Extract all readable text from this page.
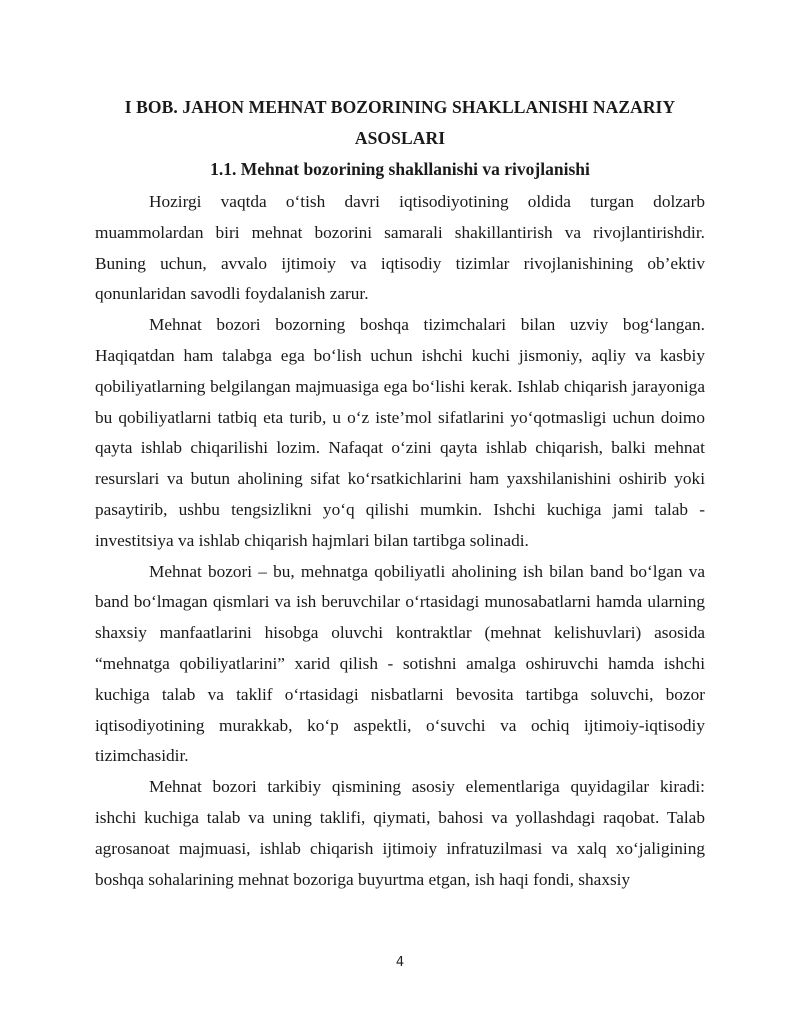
I BOB. JAHON MEHNAT BOZORINING SHAKLLANISHI NAZARIY ASOSLARI
1.1. Mehnat bozorining shakllanishi va rivojlanishi

Hozirgi vaqtda o‘tish davri iqtisodiyotining oldida turgan dolzarb muammolardan biri mehnat bozorini samarali shakillantirish va rivojlantirishdir. Buning uchun, avvalo ijtimoiy va iqtisodiy tizimlar rivojlanishining ob’ektiv qonunlaridan savodli foydalanish zarur.

Mehnat bozori bozorning boshqa tizimchalari bilan uzviy bog‘langan. Haqiqatdan ham talabga ega bo‘lish uchun ishchi kuchi jismoniy, aqliy va kasbiy qobiliyatlarning belgilangan majmuasiga ega bo‘lishi kerak. Ishlab chiqarish jarayoniga bu qobiliyatlarni tatbiq eta turib, u o‘z iste’mol sifatlarini yo‘qotmasligi uchun doimo qayta ishlab chiqarilishi lozim. Nafaqat o‘zini qayta ishlab chiqarish, balki mehnat resurslari va butun aholining sifat ko‘rsatkichlarini ham yaxshilanishini oshirib yoki pasaytirib, ushbu tengsizlikni yo‘q qilishi mumkin. Ishchi kuchiga jami talab - investitsiya va ishlab chiqarish hajmlari bilan tartibga solinadi.

Mehnat bozori – bu, mehnatga qobiliyatli aholining ish bilan band bo‘lgan va band bo‘lmagan qismlari va ish beruvchilar o‘rtasidagi munosabatlarni hamda ularning shaxsiy manfaatlarini hisobga oluvchi kontraktlar (mehnat kelishuvlari) asosida “mehnatga qobiliyatlarini” xarid qilish - sotishni amalga oshiruvchi hamda ishchi kuchiga talab va taklif o‘rtasidagi nisbatlarni bevosita tartibga soluvchi, bozor iqtisodiyotining murakkab, ko‘p aspektli, o‘suvchi va ochiq ijtimoiy-iqtisodiy tizimchasidir.

Mehnat bozori tarkibiy qismining asosiy elementlariga quyidagilar kiradi: ishchi kuchiga talab va uning taklifi, qiymati, bahosi va yollashdagi raqobat. Talab agrosanoat majmuasi, ishlab chiqarish ijtimoiy infratuzilmasi va xalq xo‘jaligining boshqa sohalarining mehnat bozoriga buyurtma etgan, ish haqi fondi, shaxsiy

4
